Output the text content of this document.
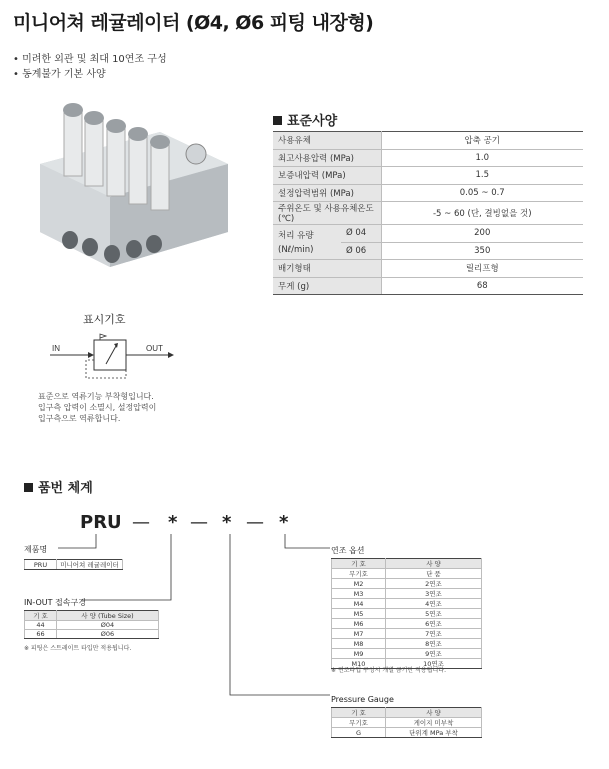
미니어쳐 레귤레이터 (Ø4, Ø6 피팅 내장형)
• 미려한 외관 및 최대 10연조 구성
• 동계불가 기본 사양
표준사양
사용유체		압축 공기
최고사용압력 (MPa)		1.0
보증내압력 (MPa)		1.5
설정압력범위 (MPa)		0.05 ~ 0.7
주위온도 및 사용유체온도 (℃)		-5 ~ 60 (단, 결빙없을 것)

처리 유량
(Nℓ/min)	Ø 04	200
	Ø 06	350
배기형태		릴리프형
무게 (g)		68
표시기호
IN	OUT
표준으로 역류기능 부착형입니다.
입구측 압력이 소멸시, 설정압력이
입구측으로 역류합니다.
품번 체계
PRU — * — * — *
제품명
PRU	미니어쳐 레귤레이터
IN-OUT 접속구경
기 호	사 양 (Tube Size)
44	Ø04
66	Ø06
※ 피팅은 스트레이트 타입만 적용됩니다.
연조 옵션
기 호	사 양
무기호	단 품
M2	2연조
M3	3연조
M4	4연조
M5	5연조
M6	6연조
M7	7연조
M8	8연조
M9	9연조
M10	10연조
※ 연조타입 구성시 개별 금기만 적용됩니다.
Pressure Gauge
기 호	사 양
무기호	게이지 미부착
G	단위계 MPa 부착
